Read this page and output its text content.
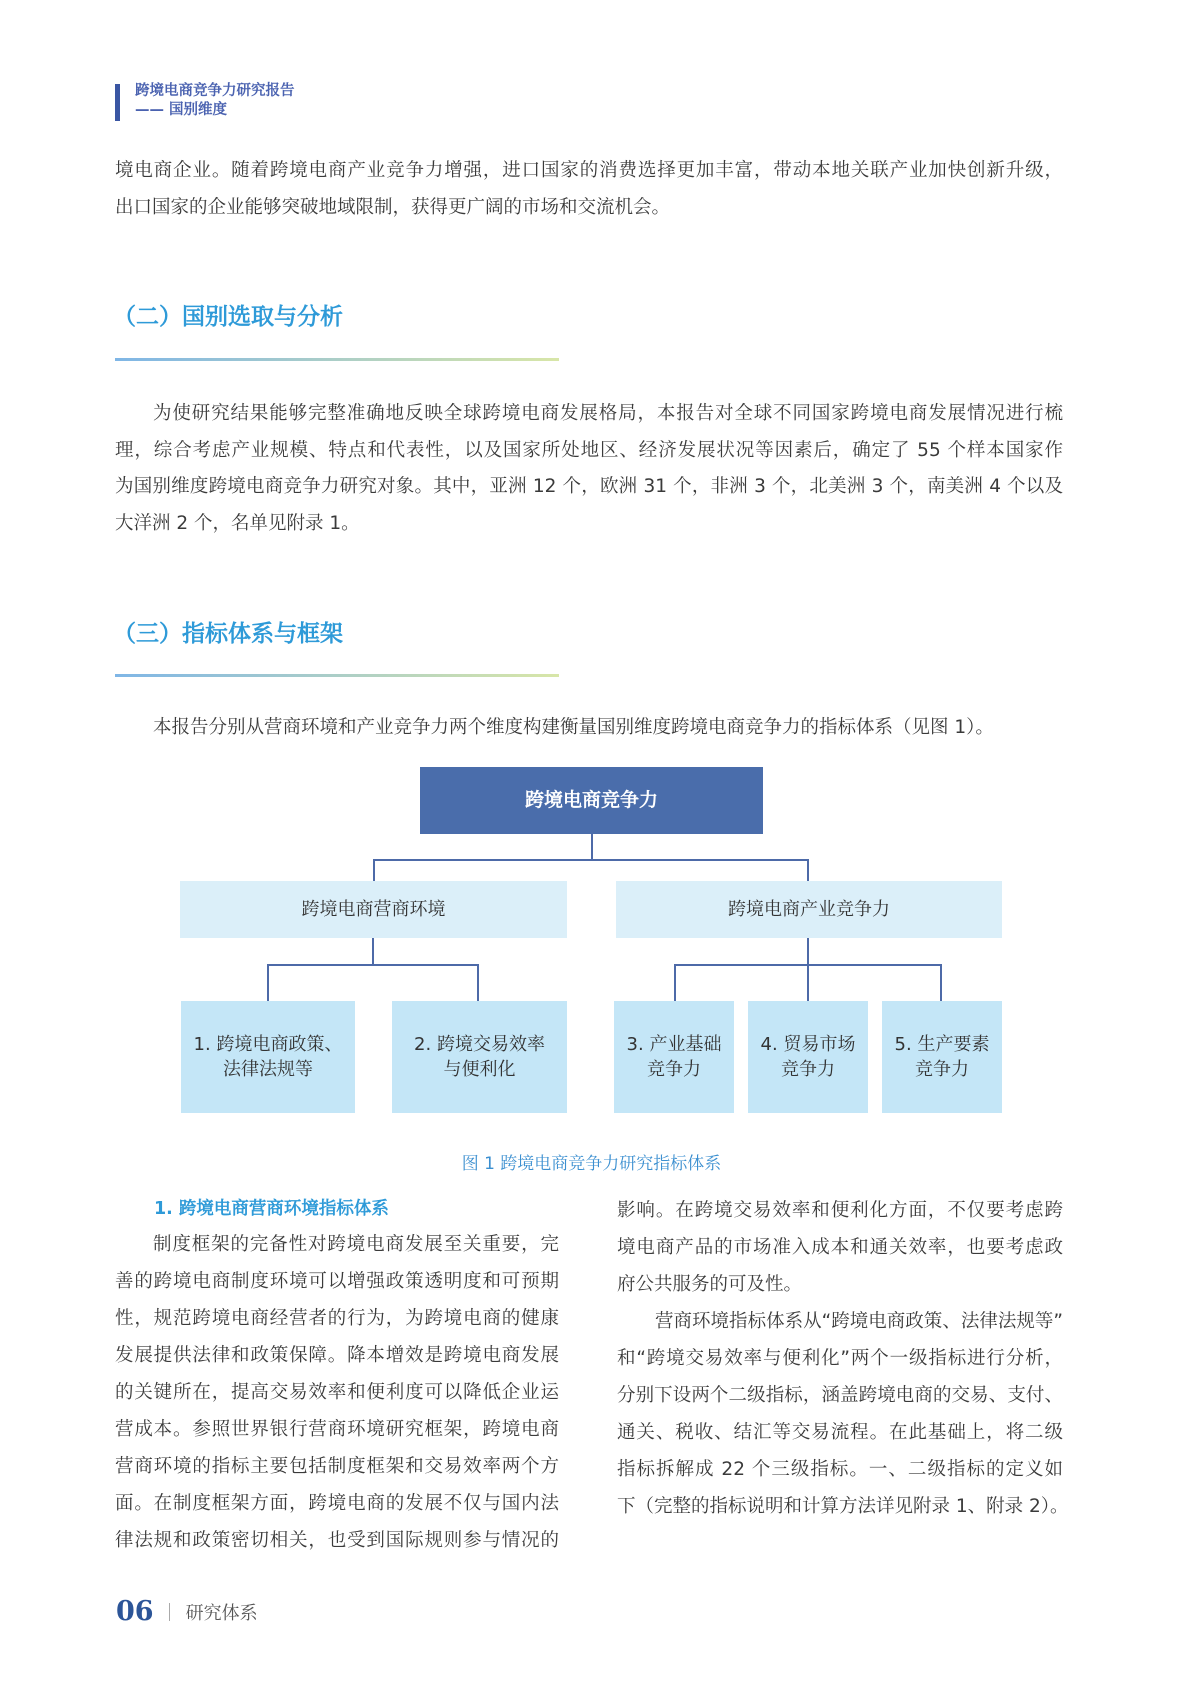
跨境电商竞争力研究报告
—— 国别维度
境电商企业。随着跨境电商产业竞争力增强，进口国家的消费选择更加丰富，带动本地关联产业加快创新升级，
出口国家的企业能够突破地域限制，获得更广阔的市场和交流机会。
（二）国别选取与分析
为使研究结果能够完整准确地反映全球跨境电商发展格局，本报告对全球不同国家跨境电商发展情况进行梳
理，综合考虑产业规模、特点和代表性，以及国家所处地区、经济发展状况等因素后，确定了 55 个样本国家作
为国别维度跨境电商竞争力研究对象。其中，亚洲 12 个，欧洲 31 个，非洲 3 个，北美洲 3 个，南美洲 4 个以及
大洋洲 2 个，名单见附录 1。
（三）指标体系与框架
本报告分别从营商环境和产业竞争力两个维度构建衡量国别维度跨境电商竞争力的指标体系（见图 1）。
跨境电商竞争力
跨境电商营商环境	跨境电商产业竞争力
1. 跨境电商政策、
法律法规等
2. 跨境交易效率
与便利化
3. 产业基础
竞争力
4. 贸易市场
竞争力
5. 生产要素
竞争力
图 1 跨境电商竞争力研究指标体系
1. 跨境电商营商环境指标体系
制度框架的完备性对跨境电商发展至关重要，完
善的跨境电商制度环境可以增强政策透明度和可预期
性，规范跨境电商经营者的行为，为跨境电商的健康
发展提供法律和政策保障。降本增效是跨境电商发展
的关键所在，提高交易效率和便利度可以降低企业运
营成本。参照世界银行营商环境研究框架，跨境电商
营商环境的指标主要包括制度框架和交易效率两个方
面。在制度框架方面，跨境电商的发展不仅与国内法
律法规和政策密切相关，也受到国际规则参与情况的
影响。在跨境交易效率和便利化方面，不仅要考虑跨
境电商产品的市场准入成本和通关效率，也要考虑政
府公共服务的可及性。
营商环境指标体系从“跨境电商政策、法律法规等”
和“跨境交易效率与便利化”两个一级指标进行分析，
分别下设两个二级指标，涵盖跨境电商的交易、支付、
通关、税收、结汇等交易流程。在此基础上，将二级
指标拆解成 22 个三级指标。一、二级指标的定义如
下（完整的指标说明和计算方法详见附录 1、附录 2）。
06 研究体系
